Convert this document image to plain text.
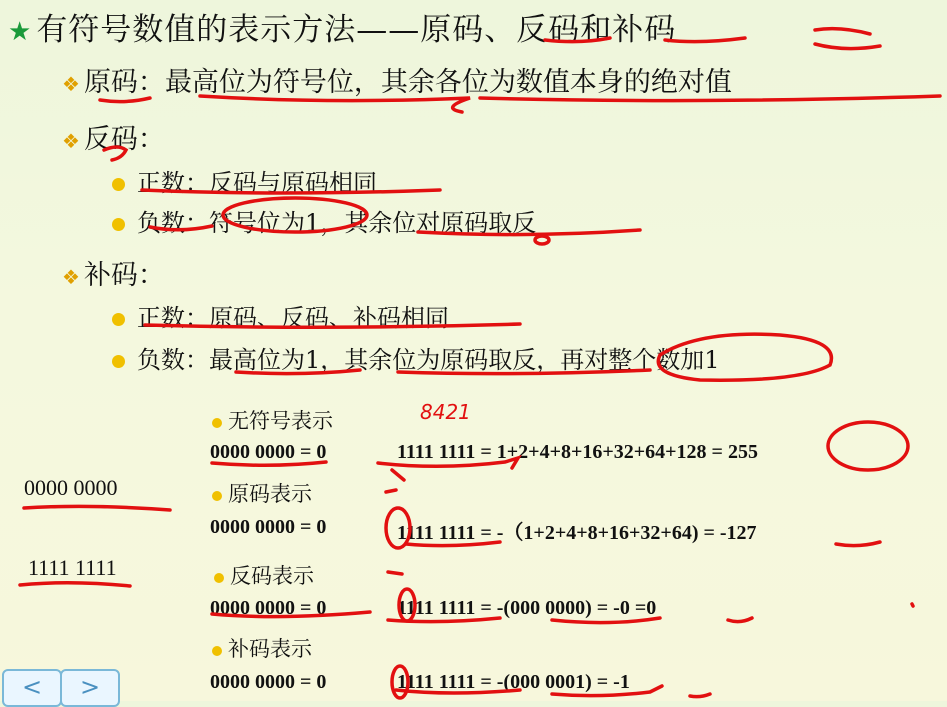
★ 有符号数值的表示方法——原码、反码和补码
❖ 原码：最高位为符号位，其余各位为数值本身的绝对值
❖ 反码：
正数：反码与原码相同
负数：符号位为1，其余位对原码取反
❖ 补码：
正数：原码、反码、补码相同
负数：最高位为1，其余位为原码取反，再对整个数加1
无符号表示
0000 0000 = 0	1111 1111 = 1+2+4+8+16+32+64+128 = 255
原码表示
0000 0000 = 0	1111 1111 = -（1+2+4+8+16+32+64) = -127
反码表示
0000 0000 = 0	1111 1111 = -(000 0000) = -0 =0
补码表示
0000 0000 = 0	1111 1111 = -(000 0001) = -1
0000 0000
1111 1111
8421
<	>
